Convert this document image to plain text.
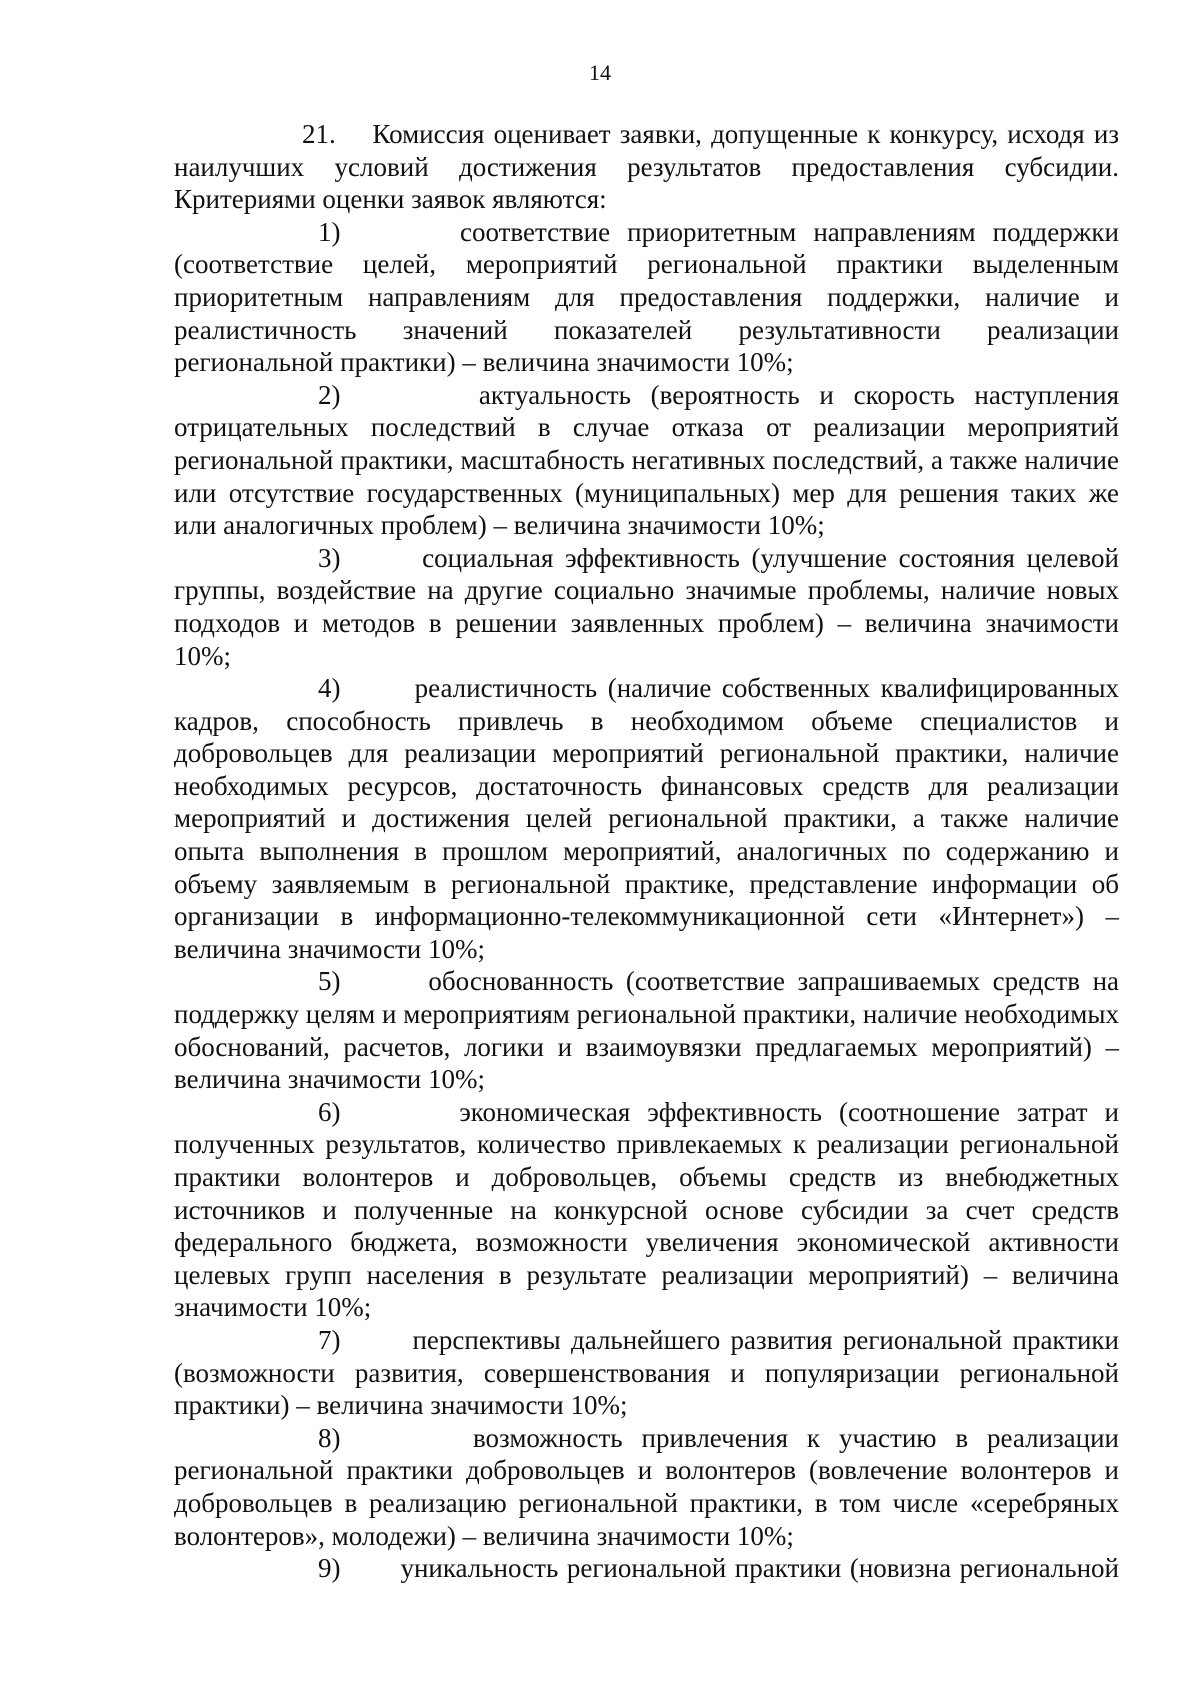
14

21. Комиссия оценивает заявки, допущенные к конкурсу, исходя из наилучших условий достижения результатов предоставления субсидии. Критериями оценки заявок являются:

1)	соответствие приоритетным направлениям поддержки (соответствие целей, мероприятий региональной практики выделенным приоритетным направлениям для предоставления поддержки, наличие и реалистичность значений показателей результативности реализации региональной практики) – величина значимости 10%;

2)	актуальность (вероятность и скорость наступления отрицательных последствий в случае отказа от реализации мероприятий региональной практики, масштабность негативных последствий, а также наличие или отсутствие государственных (муниципальных) мер для решения таких же или аналогичных проблем) – величина значимости 10%;

3)	социальная эффективность (улучшение состояния целевой группы, воздействие на другие социально значимые проблемы, наличие новых подходов и методов в решении заявленных проблем) – величина значимости 10%;

4)	реалистичность (наличие собственных квалифицированных кадров, способность привлечь в необходимом объеме специалистов и добровольцев для реализации мероприятий региональной практики, наличие необходимых ресурсов, достаточность финансовых средств для реализации мероприятий и достижения целей региональной практики, а также наличие опыта выполнения в прошлом мероприятий, аналогичных по содержанию и объему заявляемым в региональной практике, представление информации об организации в информационно-телекоммуникационной сети «Интернет») – величина значимости 10%;

5)	обоснованность (соответствие запрашиваемых средств на поддержку целям и мероприятиям региональной практики, наличие необходимых обоснований, расчетов, логики и взаимоувязки предлагаемых мероприятий) – величина значимости 10%;

6)	экономическая эффективность (соотношение затрат и полученных результатов, количество привлекаемых к реализации региональной практики волонтеров и добровольцев, объемы средств из внебюджетных источников и полученные на конкурсной основе субсидии за счет средств федерального бюджета, возможности увеличения экономической активности целевых групп населения в результате реализации мероприятий) – величина значимости 10%;

7)	перспективы дальнейшего развития региональной практики (возможности развития, совершенствования и популяризации региональной практики) – величина значимости 10%;

8)	возможность привлечения к участию в реализации региональной практики добровольцев и волонтеров (вовлечение волонтеров и добровольцев в реализацию региональной практики, в том числе «серебряных волонтеров», молодежи) – величина значимости 10%;

9) уникальность региональной практики (новизна региональной
